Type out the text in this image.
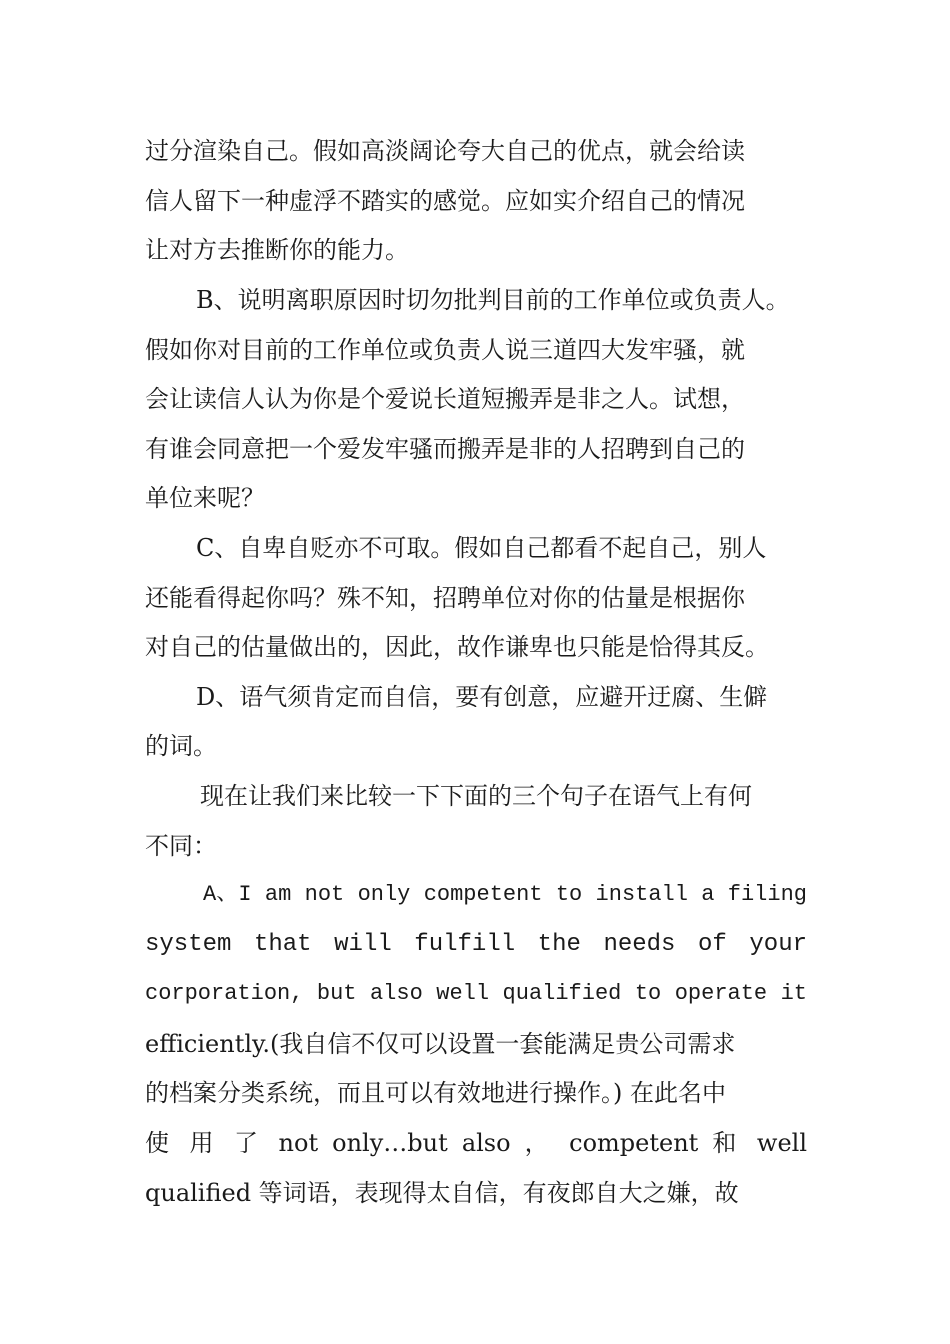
过分渲染自己。假如高淡阔论夸大自己的优点，就会给读
信人留下一种虚浮不踏实的感觉。应如实介绍自己的情况
让对方去推断你的能力。
B、说明离职原因时切勿批判目前的工作单位或负责人。
假如你对目前的工作单位或负责人说三道四大发牢骚，就
会让读信人认为你是个爱说长道短搬弄是非之人。试想，
有谁会同意把一个爱发牢骚而搬弄是非的人招聘到自己的
单位来呢？
C、自卑自贬亦不可取。假如自己都看不起自己，别人
还能看得起你吗？殊不知，招聘单位对你的估量是根据你
对自己的估量做出的，因此，故作谦卑也只能是恰得其反。
D、语气须肯定而自信，要有创意，应避开迂腐、生僻
的词。
现在让我们来比较一下下面的三个句子在语气上有何
不同：
A、I am not only competent to install a filing
system that will fulfill the needs of your
corporation, but also well qualified to operate it
efficiently.(我自信不仅可以设置一套能满足贵公司需求
的档案分类系统，而且可以有效地进行操作。) 在此名中
使 用 了 not only…but also ， competent 和 well
qualified 等词语，表现得太自信，有夜郎自大之嫌，故
